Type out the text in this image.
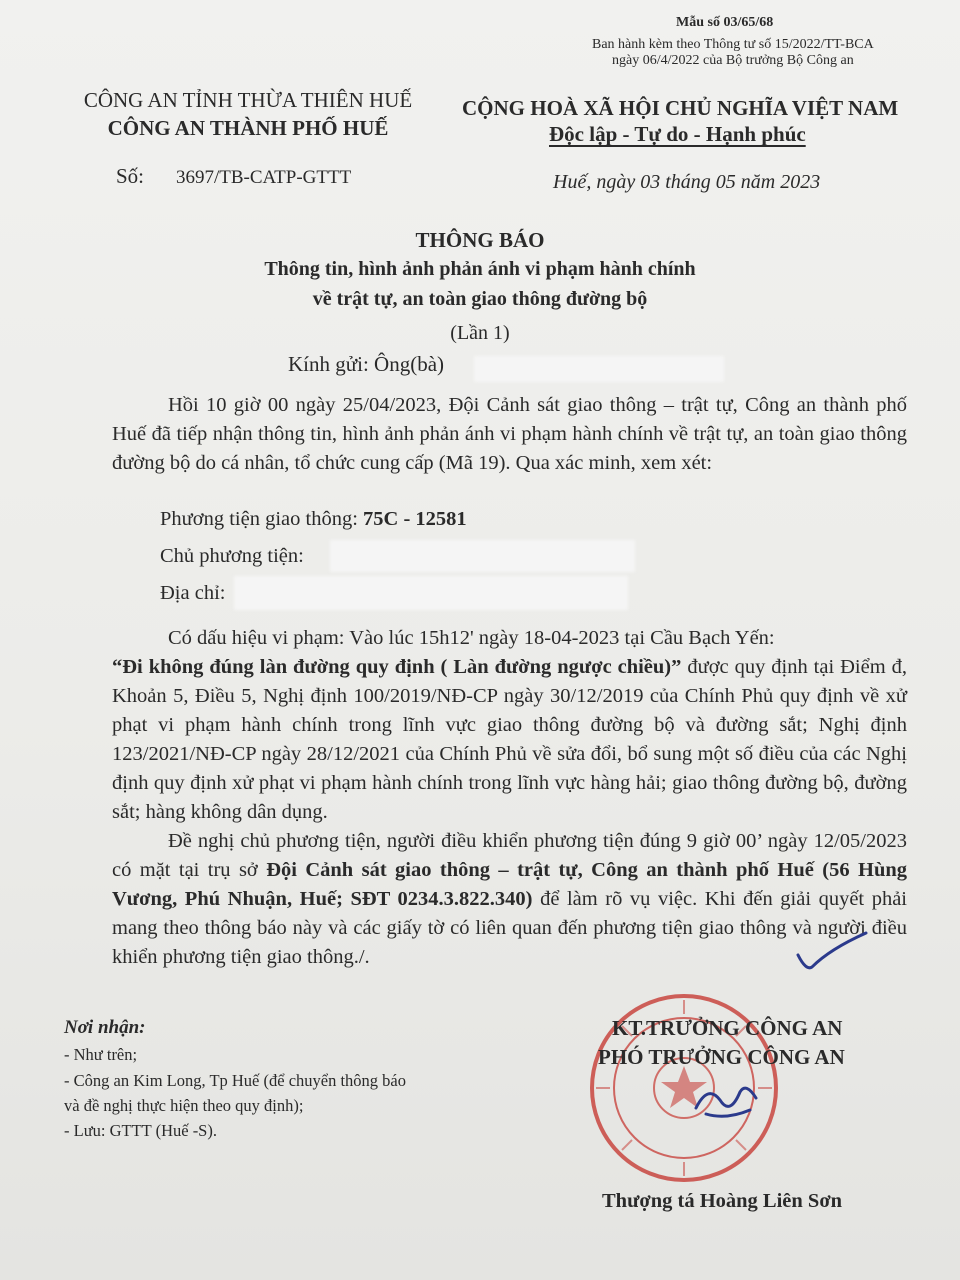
Mẫu số 03/65/68
Ban hành kèm theo Thông tư số 15/2022/TT-BCA
ngày 06/4/2022 của Bộ trưởng Bộ Công an
CÔNG AN TỈNH THỪA THIÊN HUẾ
CÔNG AN THÀNH PHỐ HUẾ
CỘNG HOÀ XÃ HỘI CHỦ NGHĨA VIỆT NAM
Độc lập - Tự do - Hạnh phúc
Số: 3697/TB-CATP-GTTT	Huế, ngày 03 tháng 05 năm 2023
THÔNG BÁO
Thông tin, hình ảnh phản ánh vi phạm hành chính
về trật tự, an toàn giao thông đường bộ
(Lần 1)
Kính gửi: Ông(bà)

Hồi 10 giờ 00 ngày 25/04/2023, Đội Cảnh sát giao thông – trật tự, Công an thành phố Huế đã tiếp nhận thông tin, hình ảnh phản ánh vi phạm hành chính về trật tự, an toàn giao thông đường bộ do cá nhân, tổ chức cung cấp (Mã 19). Qua xác minh, xem xét:

Phương tiện giao thông: 75C - 12581
Chủ phương tiện:
Địa chỉ:

Có dấu hiệu vi phạm: Vào lúc 15h12' ngày 18-04-2023 tại Cầu Bạch Yến:
“Đi không đúng làn đường quy định ( Làn đường ngược chiều)” được quy định tại Điểm đ, Khoản 5, Điều 5, Nghị định 100/2019/NĐ-CP ngày 30/12/2019 của Chính Phủ quy định về xử phạt vi phạm hành chính trong lĩnh vực giao thông đường bộ và đường sắt; Nghị định 123/2021/NĐ-CP ngày 28/12/2021 của Chính Phủ về sửa đổi, bổ sung một số điều của các Nghị định quy định xử phạt vi phạm hành chính trong lĩnh vực hàng hải; giao thông đường bộ, đường sắt; hàng không dân dụng.

Đề nghị chủ phương tiện, người điều khiển phương tiện đúng 9 giờ 00’ ngày 12/05/2023 có mặt tại trụ sở Đội Cảnh sát giao thông – trật tự, Công an thành phố Huế (56 Hùng Vương, Phú Nhuận, Huế; SĐT 0234.3.822.340) để làm rõ vụ việc. Khi đến giải quyết phải mang theo thông báo này và các giấy tờ có liên quan đến phương tiện giao thông và người điều khiển phương tiện giao thông./.

Nơi nhận:
- Như trên;
- Công an Kim Long, Tp Huế (để chuyển thông báo
và đề nghị thực hiện theo quy định);
- Lưu: GTTT (Huế -S).
KT.TRƯỞNG CÔNG AN
PHÓ TRƯỞNG CÔNG AN
Thượng tá Hoàng Liên Sơn
